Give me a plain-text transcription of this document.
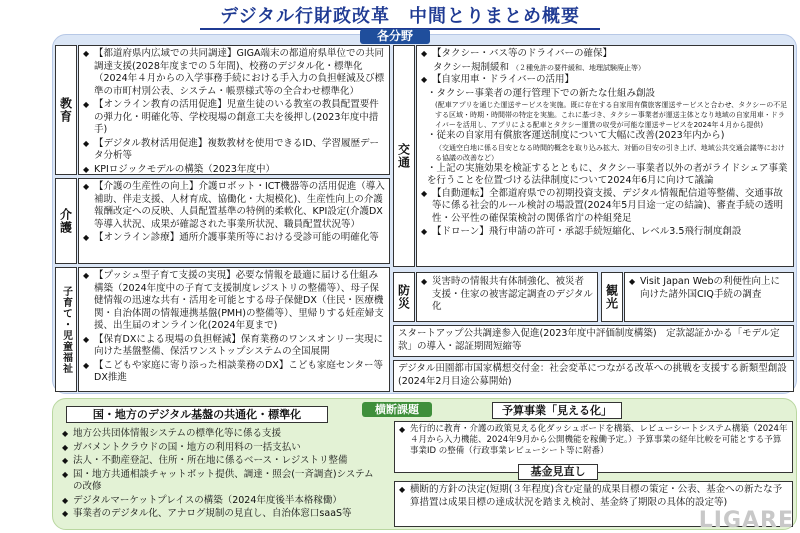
デジタル行財政改革　中間とりまとめ概要
各分野
教育
◆ 【都道府県内広域での共同調達】GIGA端末の都道府県単位での共同調達支援(2028年度までの５年間)、校務のデジタル化・標準化（2024年４月からの入学事務手続における手入力の負担軽減及び標準の市町村別公表、システム・帳票様式等の全合わせ標準化）
◆ 【オンライン教育の活用促進】児童生徒のいる教室の教員配置要件の弾力化・明確化等、学校現場の創意工夫を後押し(2023年度中措手)
◆ 【デジタル教材活用促進】複数教材を使用できるID、学習履歴データ分析等
◆ KPIロジックモデルの構築（2023年度中）
介護
◆ 【介護の生産性の向上】介護ロボット・ICT機器等の活用促進（導入補助、伴走支援、人材育成、協働化・大規模化)、生産性向上の介護報酬改定への反映、人員配置基準の特例的柔軟化、KPI設定(介護DX等導入状況、成果が確認された事業所状況、職員配置状況等）
◆ 【オンライン診療】通所介護事業所等における受診可能の明確化等
子育て・児童福祉
◆ 【プッシュ型子育て支援の実現】必要な情報を最適に届ける仕組み構築（2024年度中の子育て支援制度レジストリの整備等）、母子保健情報の迅速な共有・活用を可能とする母子保健DX（住民・医療機関・自治体間の情報連携基盤(PMH)の整備等）、里帰りする妊産婦支援、出生届のオンライン化(2024年夏まで)
◆ 【保育DXによる現場の負担軽減】保育業務のワンスオンリー実現に向けた基盤整備、保活ワンストップシステムの全国展開
◆ 【こどもや家庭に寄り添った相談業務のDX】こども家庭センター等DX推進
交通
◆ 【タクシー・バス等のドライバーの確保】
タクシー規制緩和 （２種免許の要件緩和、地理試験廃止等）
◆ 【自家用車・ドライバーの活用】
・タクシー事業者の運行管理下での新たな仕組み創設
(配車アプリを通じた運送サービスを実施。既に存在する自家用有償旅客運送サービスと合わせ、タクシーの不足する区域・時期・時間帯の特定を実施。これに基づき、タクシー事業者が運送主体となり地域の自家用車・ドライバーを活用し、アプリによる配車とタクシー運賃の収受が可能な運送サービスを2024年４月から提供)
・従来の自家用有償旅客運送制度について大幅に改善(2023年内から)
（交通空白地に係る目安となる時間的概念を取り込み拡大、対価の目安の引き上げ、地域公共交通会議等における協議の改善など）
・上記の実施効果を検証するとともに、タクシー事業者以外の者がライドシェア事業を行うことを位置づける法律制度について2024年6月に向けて議論
◆ 【自動運転】全都道府県での初期投資支援、デジタル情報配信道等整備、交通事故等に係る社会的ルール検討の場設置(2024年5月目途一定の結論)、審査手続の透明性・公平性の確保策検討の関係省庁の枠組発足
◆ 【ドローン】飛行申請の許可・承認手続短縮化、レベル3.5飛行制度創設
防災
◆ 災害時の情報共有体制強化、被災者支援・住家の被害認定調査のデジタル化	観光
◆ Visit Japan Webの利便性向上に向けた諸外国CIQ手続の調査
スタートアップ公共調達参入促進(2023年度中評価制度構築)　定款認証かかる「モデル定款」の導入・認証期間短縮等
デジタル田園都市国家構想交付金：社会変革につながる改革への挑戦を支援する新類型創設(2024年2月目途公募開始)
横断課題
国・地方のデジタル基盤の共通化・標準化
◆ 地方公共団体情報システムの標準化等に係る支援
◆ ガバメントクラウドの国・地方の利用料の一括支払い
◆ 法人・不動産登記、住所・所在地に係るベース・レジストリ整備
◆ 国・地方共通相談チャットボット提供、調達・照会(一斉調査)システムの改修
◆ デジタルマーケットプレイスの構築（2024年度後半本格稼働）
◆ 事業者のデジタル化、アナログ規制の見直し、自治体窓口saaS等
予算事業「見える化」
◆ 先行的に教育・介護の政策見える化ダッシュボードを構築、レビューシートシステム構築（2024年４月から入力機能、2024年9月から公開機能を稼働予定。）予算事業の経年比較を可能とする予算事業ID の整備（行政事業レビューシート等に附番）
基金見直し
◆ 横断的方針の決定(短期(３年程度)含む定量的成果目標の策定・公表、基金への新たな予算措置は成果目標の達成状況を踏まえ検討、基金終了期限の具体的設定等)
LIGARE
